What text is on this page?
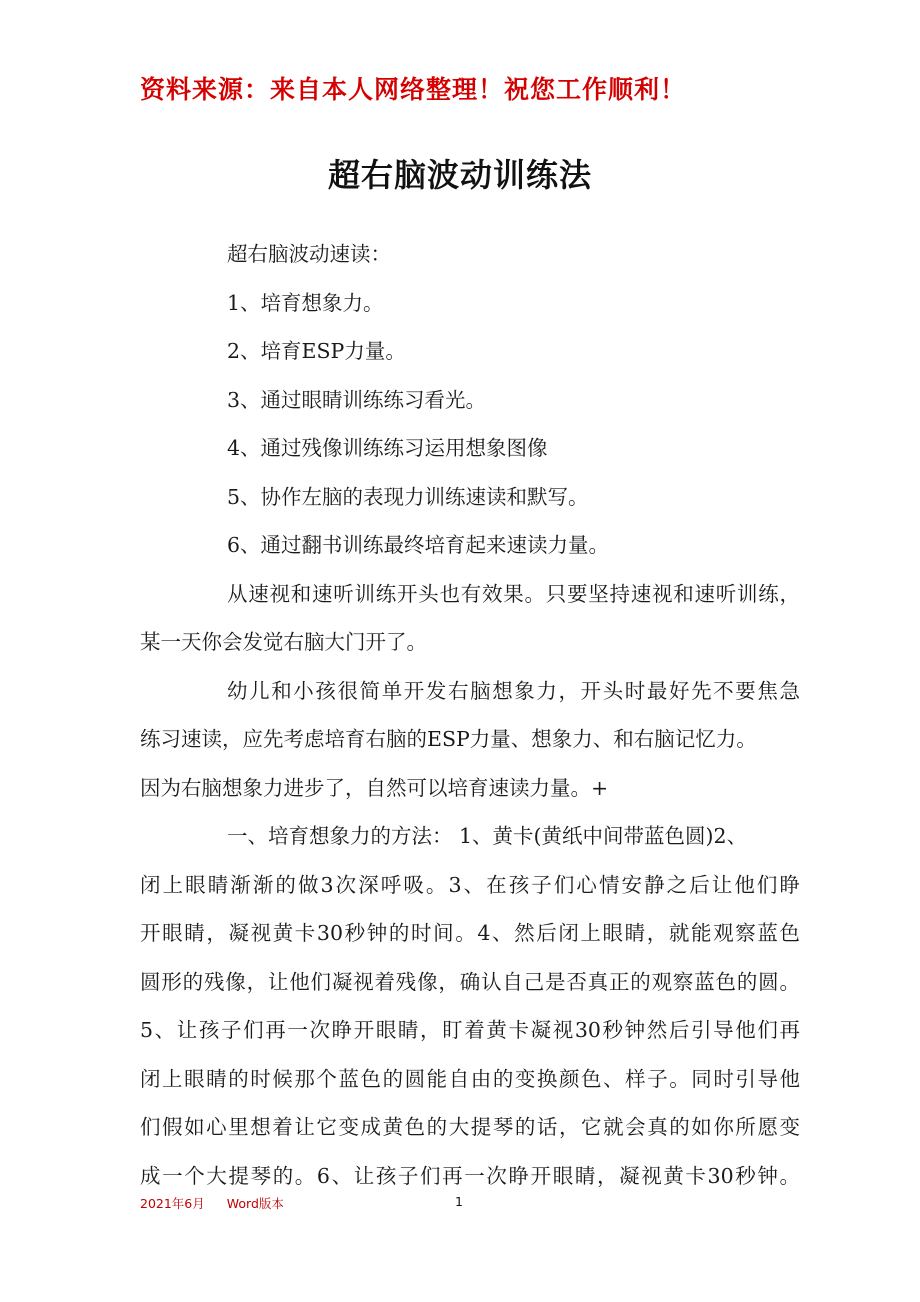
资料来源：来自本人网络整理！祝您工作顺利！
超右脑波动训练法
超右脑波动速读：
1、培育想象力。
2、培育ESP力量。
3、通过眼睛训练练习看光。
4、通过残像训练练习运用想象图像
5、协作左脑的表现力训练速读和默写。
6、通过翻书训练最终培育起来速读力量。
从速视和速听训练开头也有效果。只要坚持速视和速听训练，
某一天你会发觉右脑大门开了。
幼儿和小孩很简单开发右脑想象力，开头时最好先不要焦急
练习速读，应先考虑培育右脑的ESP力量、想象力、和右脑记忆力。
因为右脑想象力进步了，自然可以培育速读力量。+
一、培育想象力的方法： 1、黄卡(黄纸中间带蓝色圆)2、
闭上眼睛渐渐的做3次深呼吸。3、在孩子们心情安静之后让他们睁
开眼睛，凝视黄卡30秒钟的时间。4、然后闭上眼睛，就能观察蓝色
圆形的残像，让他们凝视着残像，确认自己是否真正的观察蓝色的圆。
5、让孩子们再一次睁开眼睛，盯着黄卡凝视30秒钟然后引导他们再
闭上眼睛的时候那个蓝色的圆能自由的变换颜色、样子。同时引导他
们假如心里想着让它变成黄色的大提琴的话，它就会真的如你所愿变
成一个大提琴的。6、让孩子们再一次睁开眼睛，凝视黄卡30秒钟。
2021年6月 Word版本	1
